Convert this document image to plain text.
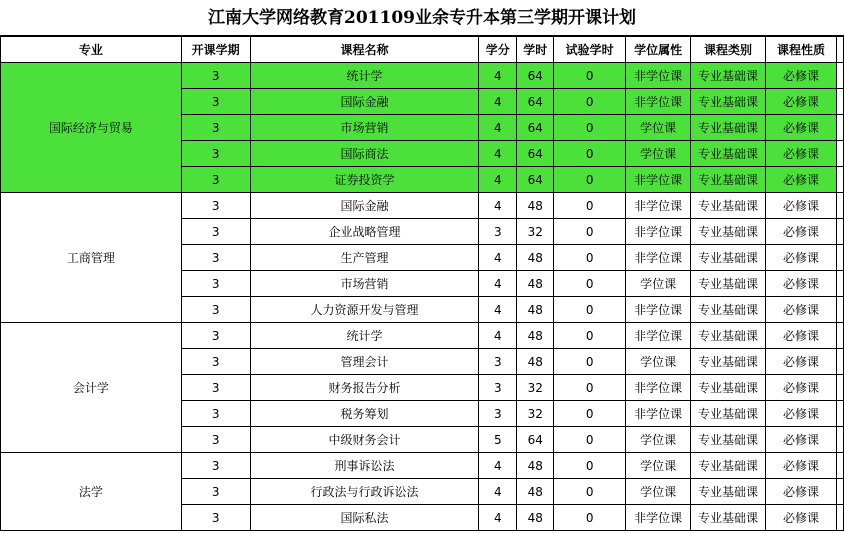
江南大学网络教育201109业余专升本第三学期开课计划
专业	开课学期	课程名称	学分	学时	试验学时	学位属性	课程类别	课程性质	
国际经济与贸易	3	统计学	4	64	0	非学位课	专业基础课	必修课	
	3	国际金融	4	64	0	非学位课	专业基础课	必修课	
	3	市场营销	4	64	0	学位课	专业基础课	必修课	
	3	国际商法	4	64	0	学位课	专业基础课	必修课	
	3	证券投资学	4	64	0	非学位课	专业基础课	必修课	
工商管理	3	国际金融	4	48	0	非学位课	专业基础课	必修课	
	3	企业战略管理	3	32	0	非学位课	专业基础课	必修课	
	3	生产管理	4	48	0	非学位课	专业基础课	必修课	
	3	市场营销	4	48	0	学位课	专业基础课	必修课	
	3	人力资源开发与管理	4	48	0	非学位课	专业基础课	必修课	
会计学	3	统计学	4	48	0	非学位课	专业基础课	必修课	
	3	管理会计	3	48	0	学位课	专业基础课	必修课	
	3	财务报告分析	3	32	0	非学位课	专业基础课	必修课	
	3	税务筹划	3	32	0	非学位课	专业基础课	必修课	
	3	中级财务会计	5	64	0	学位课	专业基础课	必修课	
法学	3	刑事诉讼法	4	48	0	学位课	专业基础课	必修课	
	3	行政法与行政诉讼法	4	48	0	学位课	专业基础课	必修课	
	3	国际私法	4	48	0	非学位课	专业基础课	必修课	
